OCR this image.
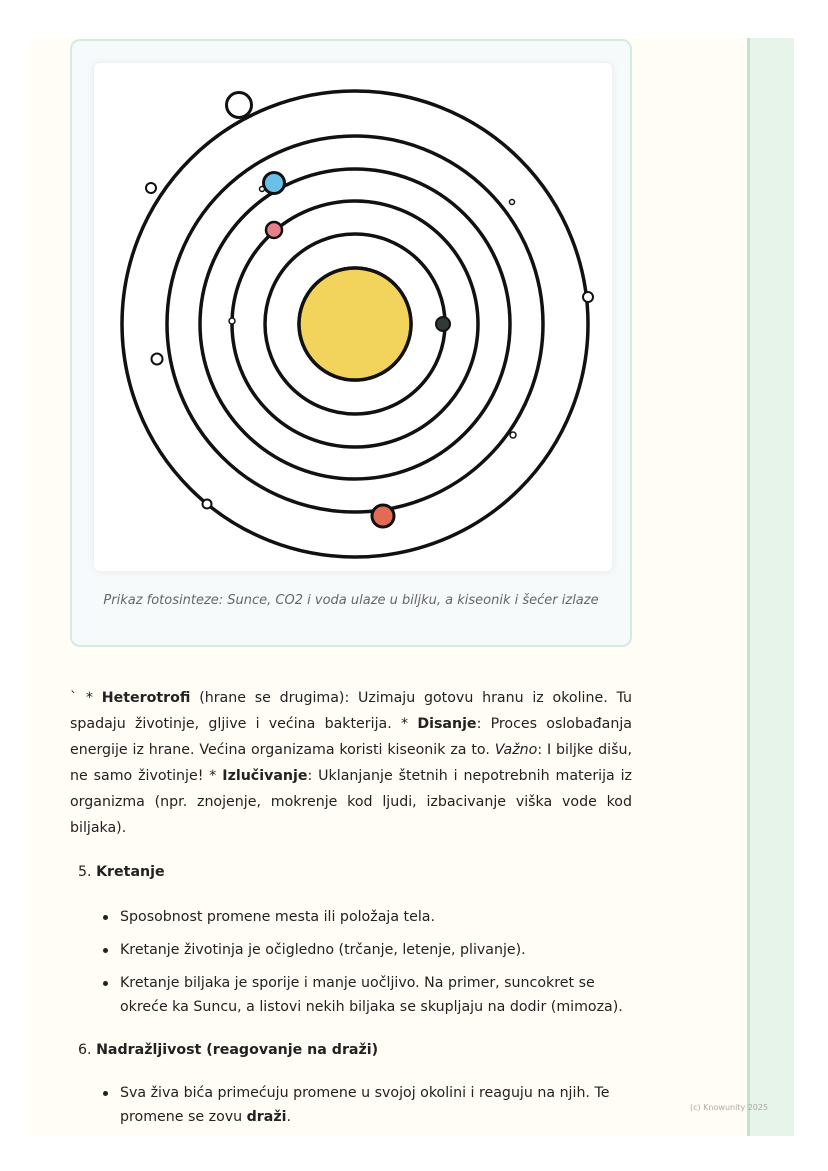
Prikaz fotosinteze: Sunce, CO2 i voda ulaze u biljku, a kiseonik i šećer izlaze

` * Heterotrofi (hrane se drugima): Uzimaju gotovu hranu iz okoline. Tu spadaju životinje, gljive i većina bakterija. * Disanje: Proces oslobađanja energije iz hrane. Većina organizama koristi kiseonik za to. Važno: I biljke dišu, ne samo životinje! * Izlučivanje: Uklanjanje štetnih i nepotrebnih materija iz organizma (npr. znojenje, mokrenje kod ljudi, izbacivanje viška vode kod biljaka).

5. Kretanje

Sposobnost promene mesta ili položaja tela.
Kretanje životinja je očigledno (trčanje, letenje, plivanje).
Kretanje biljaka je sporije i manje uočljivo. Na primer, suncokret se okreće ka Suncu, a listovi nekih biljaka se skupljaju na dodir (mimoza).

6. Nadražljivost (reagovanje na draži)

Sva živa bića primećuju promene u svojoj okolini i reaguju na njih. Te promene se zovu draži.
(c) Knowunity 2025
